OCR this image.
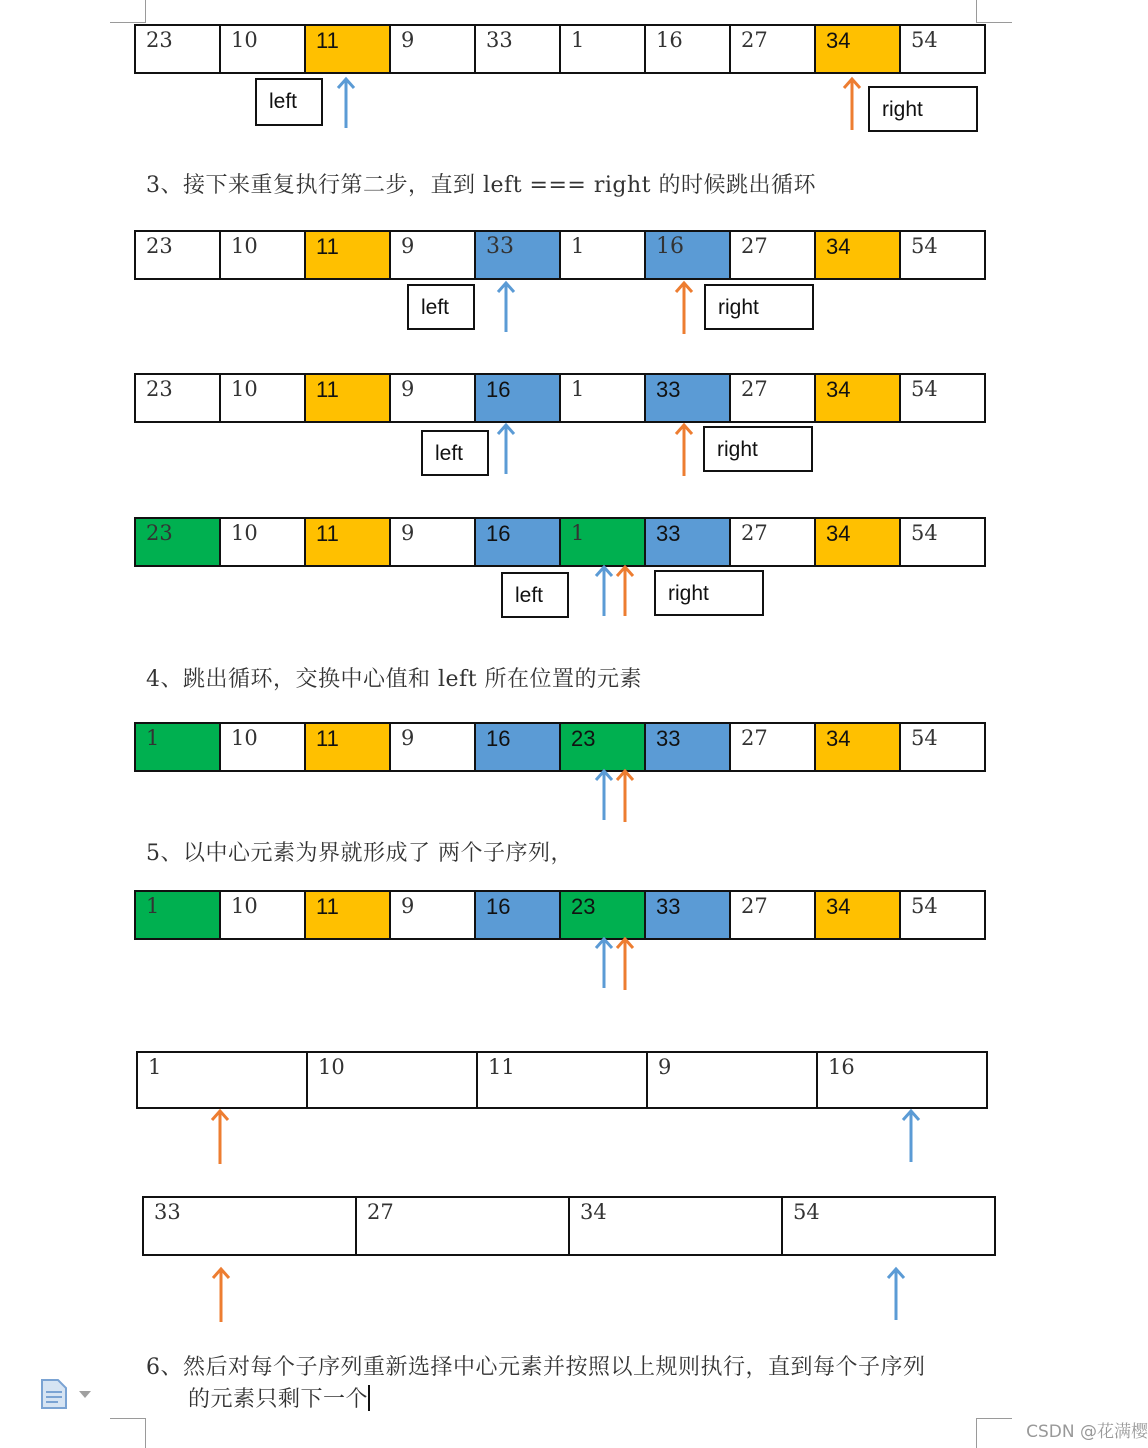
23	10	11	9	33	1	16	27	34	54
left	right
3、接下来重复执行第二步，直到 left === right 的时候跳出循环
23	10	11	9	33	1	16	27	34	54
left	right
23	10	11	9	16	1	33	27	34	54
left	right
23	10	11	9	16	1	33	27	34	54
left	right
4、跳出循环，交换中心值和 left 所在位置的元素
1	10	11	9	16	23	33	27	34	54
5、以中心元素为界就形成了 两个子序列，
1	10	11	9	16	23	33	27	34	54
1	10	11	9	16
33	27	34	54
6、然后对每个子序列重新选择中心元素并按照以上规则执行，直到每个子序列
的元素只剩下一个
CSDN @花满樱
